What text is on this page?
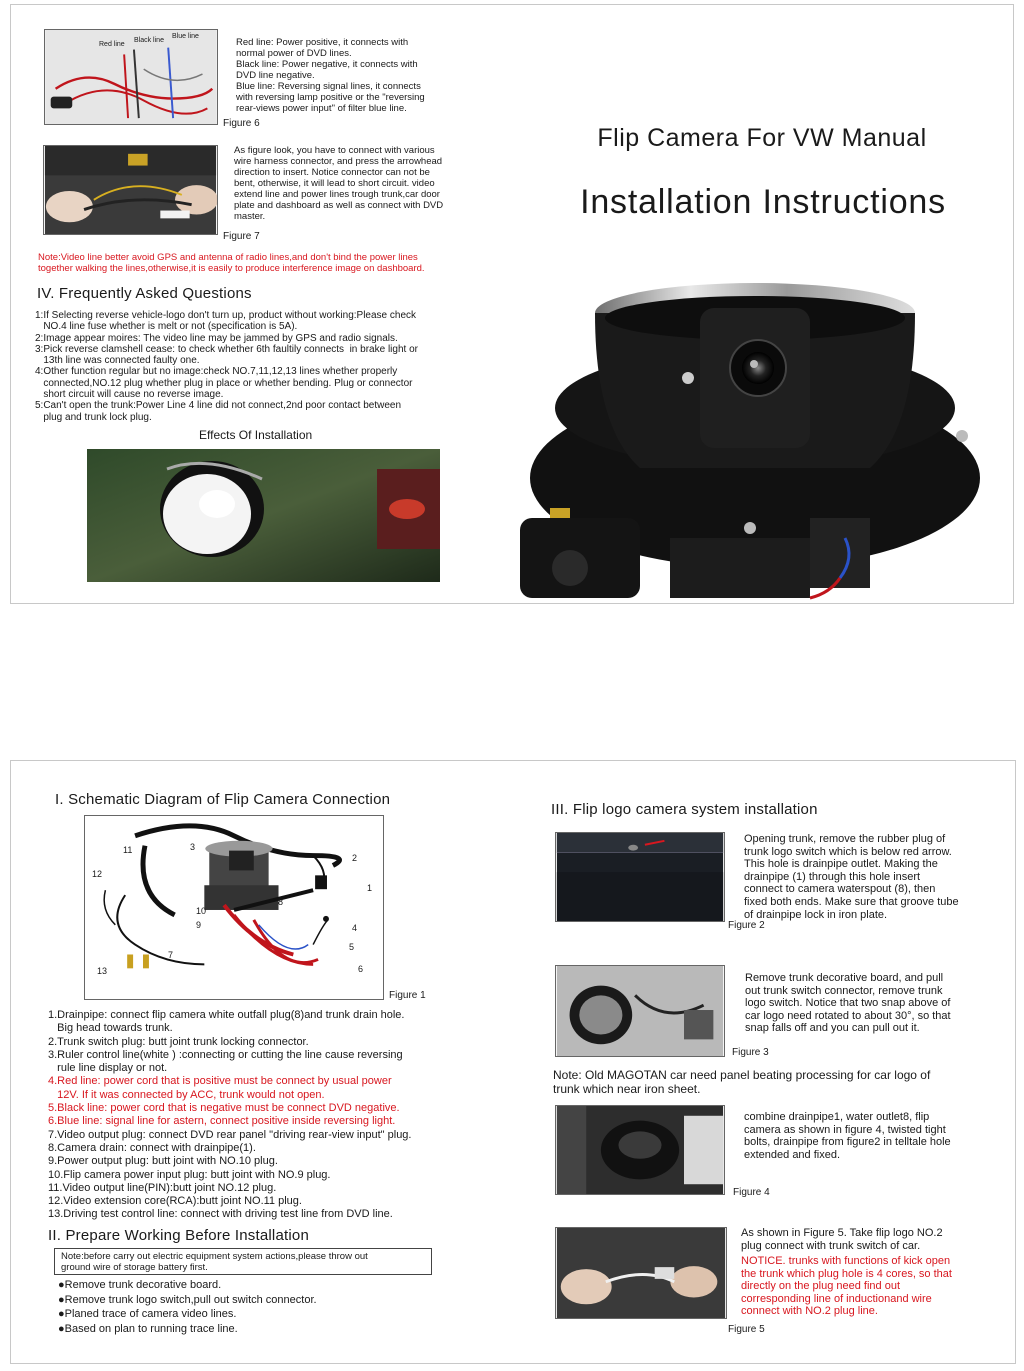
Red line
Black line
Blue line
Red line: Power positive, it connects with
normal power of DVD lines.
Black line: Power negative, it connects with
DVD line negative.
Blue line: Reversing signal lines, it connects
with reversing lamp positive or the "reversing
rear-views power input" of filter blue line.
Figure 6
As figure look, you have to connect with various
wire harness connector, and press the arrowhead
direction to insert. Notice connector can not be
bent, otherwise, it will lead to short circuit. video
extend line and power lines trough trunk,car door
plate and dashboard as well as connect with DVD
master.
Figure 7
Note:Video line better avoid GPS and antenna of radio lines,and don't bind the power lines
together walking the lines,otherwise,it is easily to produce interference image on dashboard.
IV. Frequently Asked Questions
1:If Selecting reverse vehicle-logo don't turn up, product without working:Please check
NO.4 line fuse whether is melt or not (specification is 5A).
2:Image appear moires: The video line may be jammed by GPS and radio signals.
3:Pick reverse clamshell cease: to check whether 6th faultily connects  in brake light or
13th line was connected faulty one.
4:Other function regular but no image:check NO.7,11,12,13 lines whether properly
connected,NO.12 plug whether plug in place or whether bending. Plug or connector
short circuit will cause no reverse image.
5:Can't open the trunk:Power Line 4 line did not connect,2nd poor contact between
plug and trunk lock plug.
Effects Of Installation
Flip Camera For VW Manual
Installation Instructions
I. Schematic Diagram of Flip Camera Connection
11	3
2
12
1
8
10
9	4
5
7
6
13
Figure 1
1.Drainpipe: connect flip camera white outfall plug(8)and trunk drain hole.
Big head towards trunk.
2.Trunk switch plug: butt joint trunk locking connector.
3.Ruler control line(white ) :connecting or cutting the line cause reversing
rule line display or not.
4.Red line: power cord that is positive must be connect by usual power
12V. If it was connected by ACC, trunk would not open.
5.Black line: power cord that is negative must be connect DVD negative.
6.Blue line: signal line for astern, connect positive inside reversing light.
7.Video output plug: connect DVD rear panel "driving rear-view input" plug.
8.Camera drain: connect with drainpipe(1).
9.Power output plug: butt joint with NO.10 plug.
10.Flip camera power input plug: butt joint with NO.9 plug.
11.Video output line(PIN):butt joint NO.12 plug.
12.Video extension core(RCA):butt joint NO.11 plug.
13.Driving test control line: connect with driving test line from DVD line.
II. Prepare Working Before Installation
Note:before carry out electric equipment system actions,please throw out
ground wire of storage battery first.
●Remove trunk decorative board.
●Remove trunk logo switch,pull out switch connector.
●Planed trace of camera video lines.
●Based on plan to running trace line.
III. Flip logo camera system installation
Opening trunk, remove the rubber plug of
trunk logo switch which is below red arrow.
This hole is drainpipe outlet. Making the
drainpipe (1) through this hole insert
connect to camera waterspout (8), then
fixed both ends. Make sure that groove tube
of drainpipe lock in iron plate.
Figure 2
Remove trunk decorative board, and pull
out trunk switch connector, remove trunk
logo switch. Notice that two snap above of
car logo need rotated to about 30°, so that
snap falls off and you can pull out it.
Figure 3
Note: Old MAGOTAN car need panel beating processing for car logo of
trunk which near iron sheet.
combine drainpipe1, water outlet8, flip
camera as shown in figure 4, twisted tight
bolts, drainpipe from figure2 in telltale hole
extended and fixed.
Figure 4
As shown in Figure 5. Take flip logo NO.2
plug connect with trunk switch of car.
NOTICE. trunks with functions of kick open
the trunk which plug hole is 4 cores, so that
directly on the plug need find out
corresponding line of inductionand wire
connect with NO.2 plug line.
Figure 5
